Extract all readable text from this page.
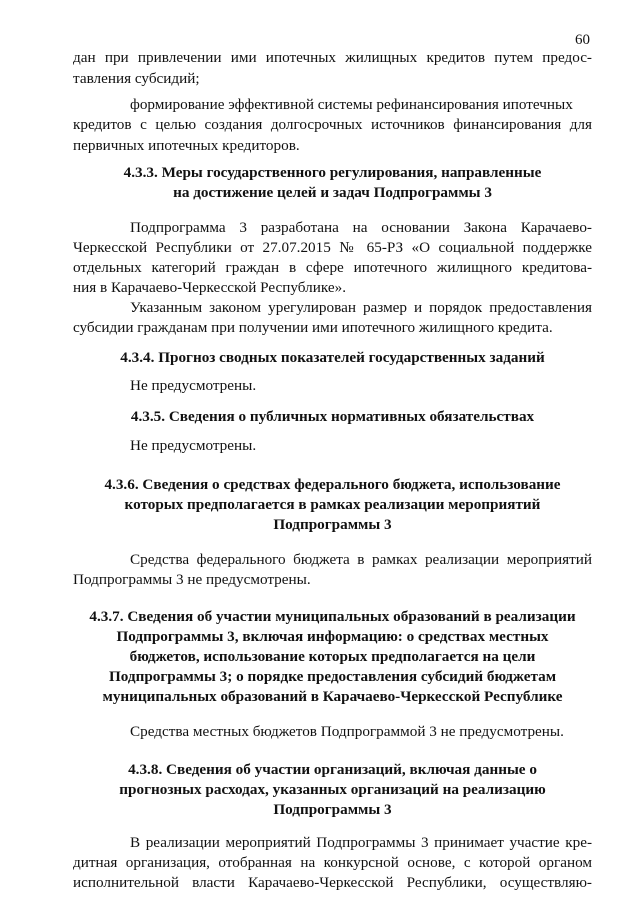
60
дан при привлечении ими ипотечных жилищных кредитов путем предос-
тавления субсидий;
формирование эффективной системы рефинансирования ипотечных
кредитов с целью создания долгосрочных источников финансирования для
первичных ипотечных кредиторов.
4.3.3. Меры государственного регулирования, направленные
на достижение целей и задач Подпрограммы 3
Подпрограмма 3 разработана на основании Закона Карачаево-
Черкесской Республики от 27.07.2015 № 65-РЗ «О социальной поддержке
отдельных категорий граждан в сфере ипотечного жилищного кредитова-
ния в Карачаево-Черкесской Республике».
Указанным законом урегулирован размер и порядок предоставления
субсидии гражданам при получении ими ипотечного жилищного кредита.
4.3.4. Прогноз сводных показателей государственных заданий
Не предусмотрены.
4.3.5. Сведения о публичных нормативных обязательствах
Не предусмотрены.
4.3.6. Сведения о средствах федерального бюджета, использование
которых предполагается в рамках реализации мероприятий
Подпрограммы 3
Средства федерального бюджета в рамках реализации мероприятий
Подпрограммы 3 не предусмотрены.
4.3.7. Сведения об участии муниципальных образований в реализации
Подпрограммы 3, включая информацию: о средствах местных
бюджетов, использование которых предполагается на цели
Подпрограммы 3; о порядке предоставления субсидий бюджетам
муниципальных образований в Карачаево-Черкесской Республике
Средства местных бюджетов Подпрограммой 3 не предусмотрены.
4.3.8. Сведения об участии организаций, включая данные о
прогнозных расходах, указанных организаций на реализацию
Подпрограммы 3
В реализации мероприятий Подпрограммы 3 принимает участие кре-
дитная организация, отобранная на конкурсной основе, с которой органом
исполнительной власти Карачаево-Черкесской Республики, осуществляю-
